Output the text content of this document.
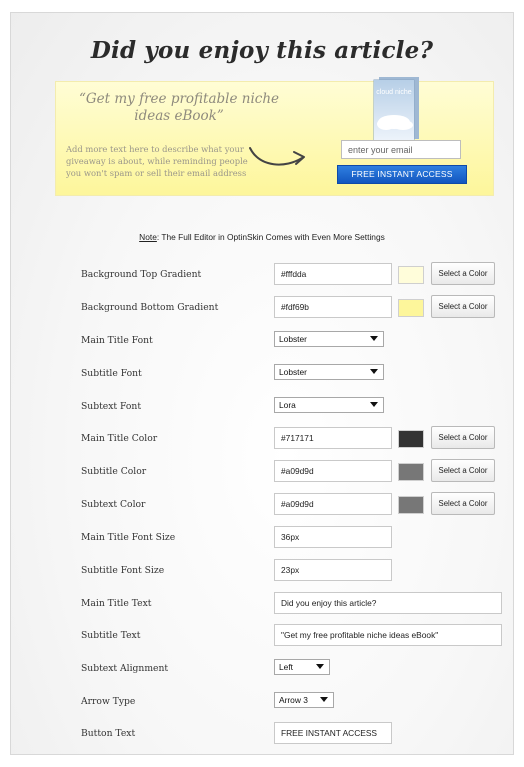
Did you enjoy this article?
“Get my free profitable niche ideas eBook”
Add more text here to describe what your giveaway is about, while reminding people you won't spam or sell their email address
cloud niche
enter your email
FREE INSTANT ACCESS
Note: The Full Editor in OptinSkin Comes with Even More Settings
Background Top Gradient	#fffdda	Select a Color
Background Bottom Gradient	#fdf69b	Select a Color
Main Title Font	Lobster
Subtitle Font	Lobster
Subtext Font	Lora
Main Title Color	#717171	Select a Color
Subtitle Color	#a09d9d	Select a Color
Subtext Color	#a09d9d	Select a Color
Main Title Font Size	36px
Subtitle Font Size	23px
Main Title Text	Did you enjoy this article?
Subtitle Text	"Get my free profitable niche ideas eBook"
Subtext Alignment	Left
Arrow Type	Arrow 3
Button Text	FREE INSTANT ACCESS
